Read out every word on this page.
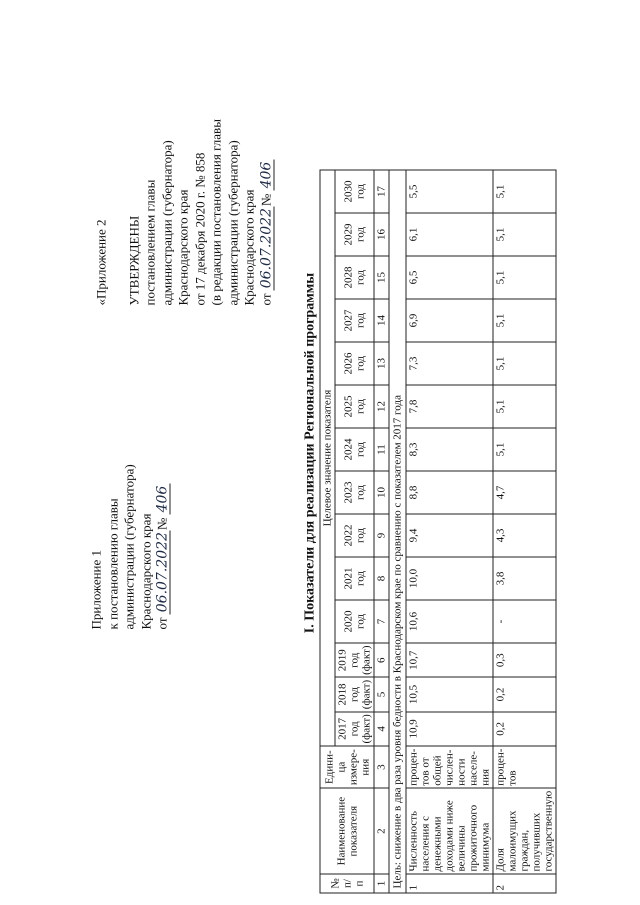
Приложение 1 к постановлению главы администрации (губернатора) Краснодарского края от 06.07.2022№ 406
«Приложение 2 УТВЕРЖДЕНЫ постановлением главы администрации (губернатора) Краснодарского края от 17 декабря 2020 г. № 858 (в редакции постановления главы администрации (губернатора) Краснодарского края от 06.07.2022№ 406
I. Показатели для реализации Региональной программы
№ п/п	Наименование показателя	Едини-ца измере-ния	Целевое значение показателя													
			2017 год (факт)	2018 год (факт)	2019 год (факт)	2020 год	2021 год	2022 год	2023 год	2024 год	2025 год	2026 год	2027 год	2028 год	2029 год	2030 год
1	2	3	4	5	6	7	8	9	10	11	12	13	14	15	16	17
Цель: снижение в два раза уровня бедности в Краснодарском крае по сравнению с показателем 2017 года																
1	Численность населения с денежными доходами ниже величины прожиточного минимума	процен-тов от общей числен-ности населе-ния	10,9	10,5	10,7	10,6	10,0	9,4	8,8	8,3	7,8	7,3	6,9	6,5	6,1	5,5
2	Доля малоимущих граждан, получивших государственную	процен-тов	0,2	0,2	0,3	-	3,8	4,3	4,7	5,1	5,1	5,1	5,1	5,1	5,1	5,1
